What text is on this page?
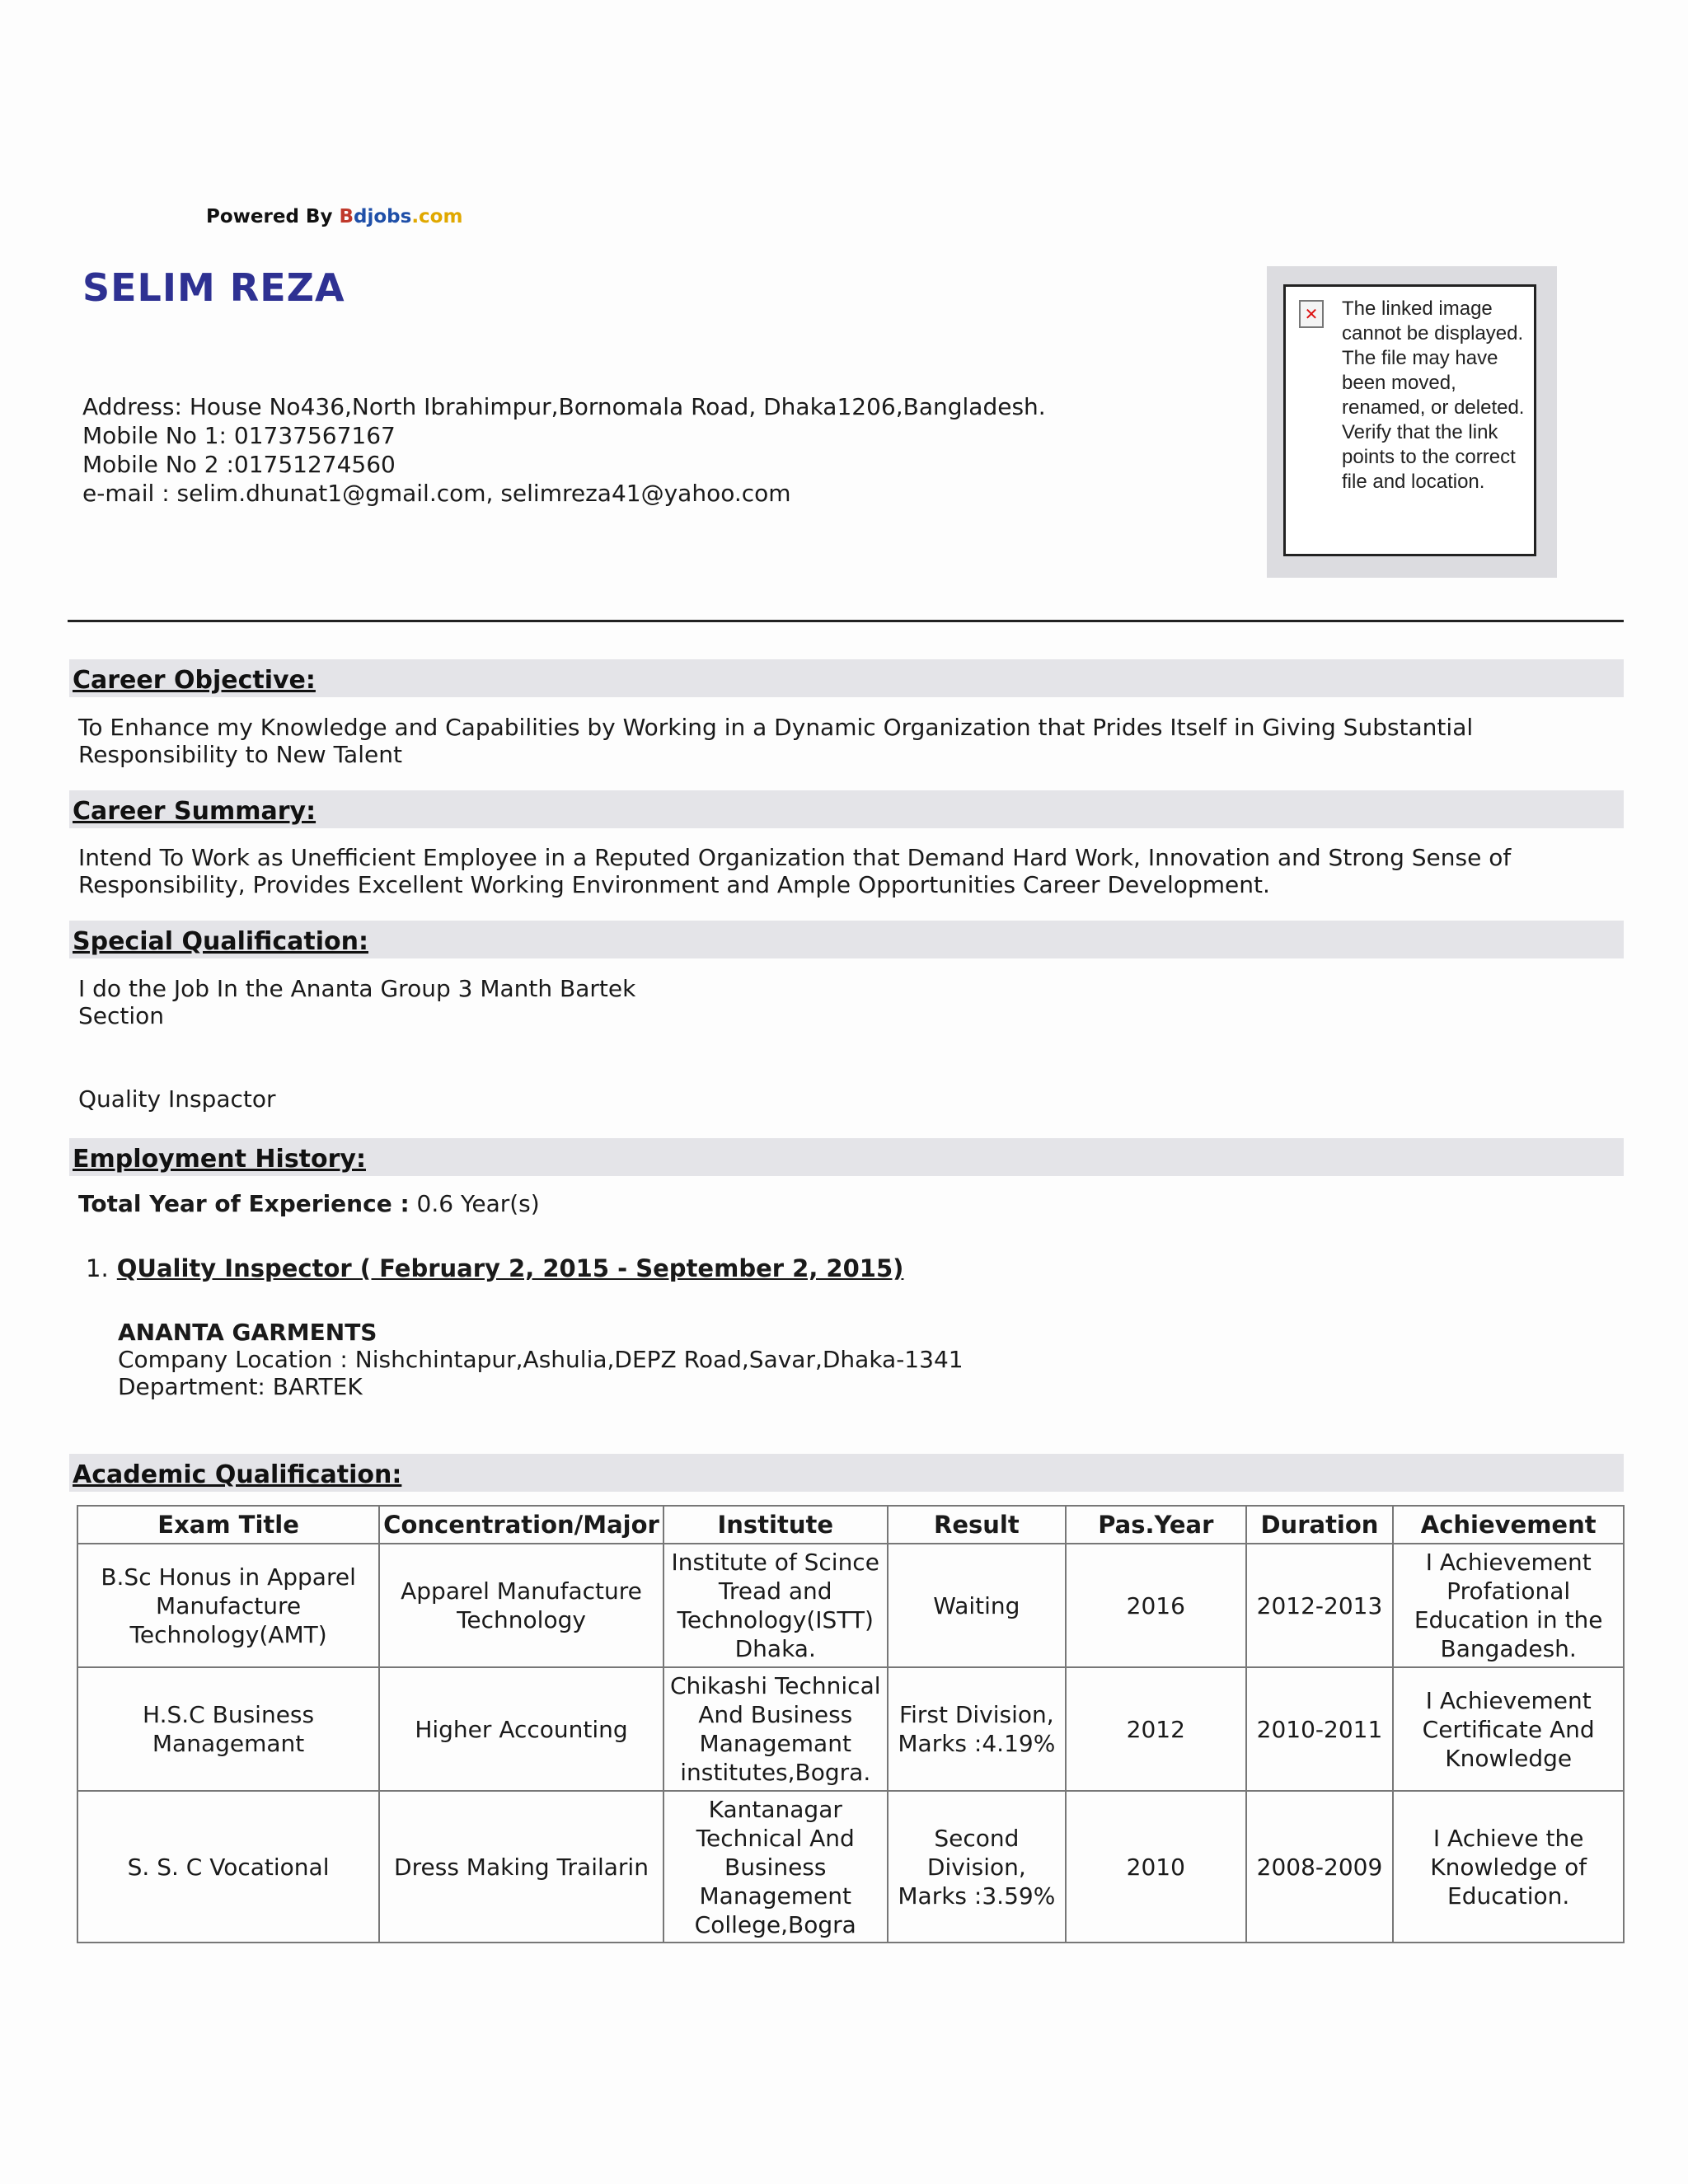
Powered By Bdjobs.com
SELIM REZA
Address: House No436,North Ibrahimpur,Bornomala Road, Dhaka1206,Bangladesh.
Mobile No 1: 01737567167
Mobile No 2 :01751274560
e-mail : selim.dhunat1@gmail.com, selimreza41@yahoo.com
✕ The linked image cannot be displayed. The file may have been moved, renamed, or deleted. Verify that the link points to the correct file and location.
Career Objective:
To Enhance my Knowledge and Capabilities by Working in a Dynamic Organization that Prides Itself in Giving Substantial Responsibility to New Talent
Career Summary:
Intend To Work as Unefficient Employee in a Reputed Organization that Demand Hard Work, Innovation and Strong Sense of Responsibility, Provides Excellent Working Environment and Ample Opportunities Career Development.
Special Qualification:
I do the Job In the Ananta Group 3 Manth Bartek
Section
Quality Inspactor
Employment History:
Total Year of Experience : 0.6 Year(s)
1. QUality Inspector ( February 2, 2015 - September 2, 2015)
ANANTA GARMENTS
Company Location : Nishchintapur,Ashulia,DEPZ Road,Savar,Dhaka-1341
Department: BARTEK
Academic Qualification:
Exam Title	Concentration/Major	Institute	Result	Pas.Year	Duration	Achievement
B.Sc Honus in Apparel Manufacture Technology(AMT)	Apparel Manufacture Technology	Institute of Scince Tread and Technology(ISTT) Dhaka.	Waiting	2016	2012-2013	I Achievement Profational Education in the Bangadesh.
H.S.C Business Managemant	Higher Accounting	Chikashi Technical And Business Managemant institutes,Bogra.	First Division, Marks :4.19%	2012	2010-2011	I Achievement Certificate And Knowledge
S. S. C Vocational	Dress Making Trailarin	Kantanagar Technical And Business Management College,Bogra	Second Division, Marks :3.59%	2010	2008-2009	I Achieve the Knowledge of Education.
